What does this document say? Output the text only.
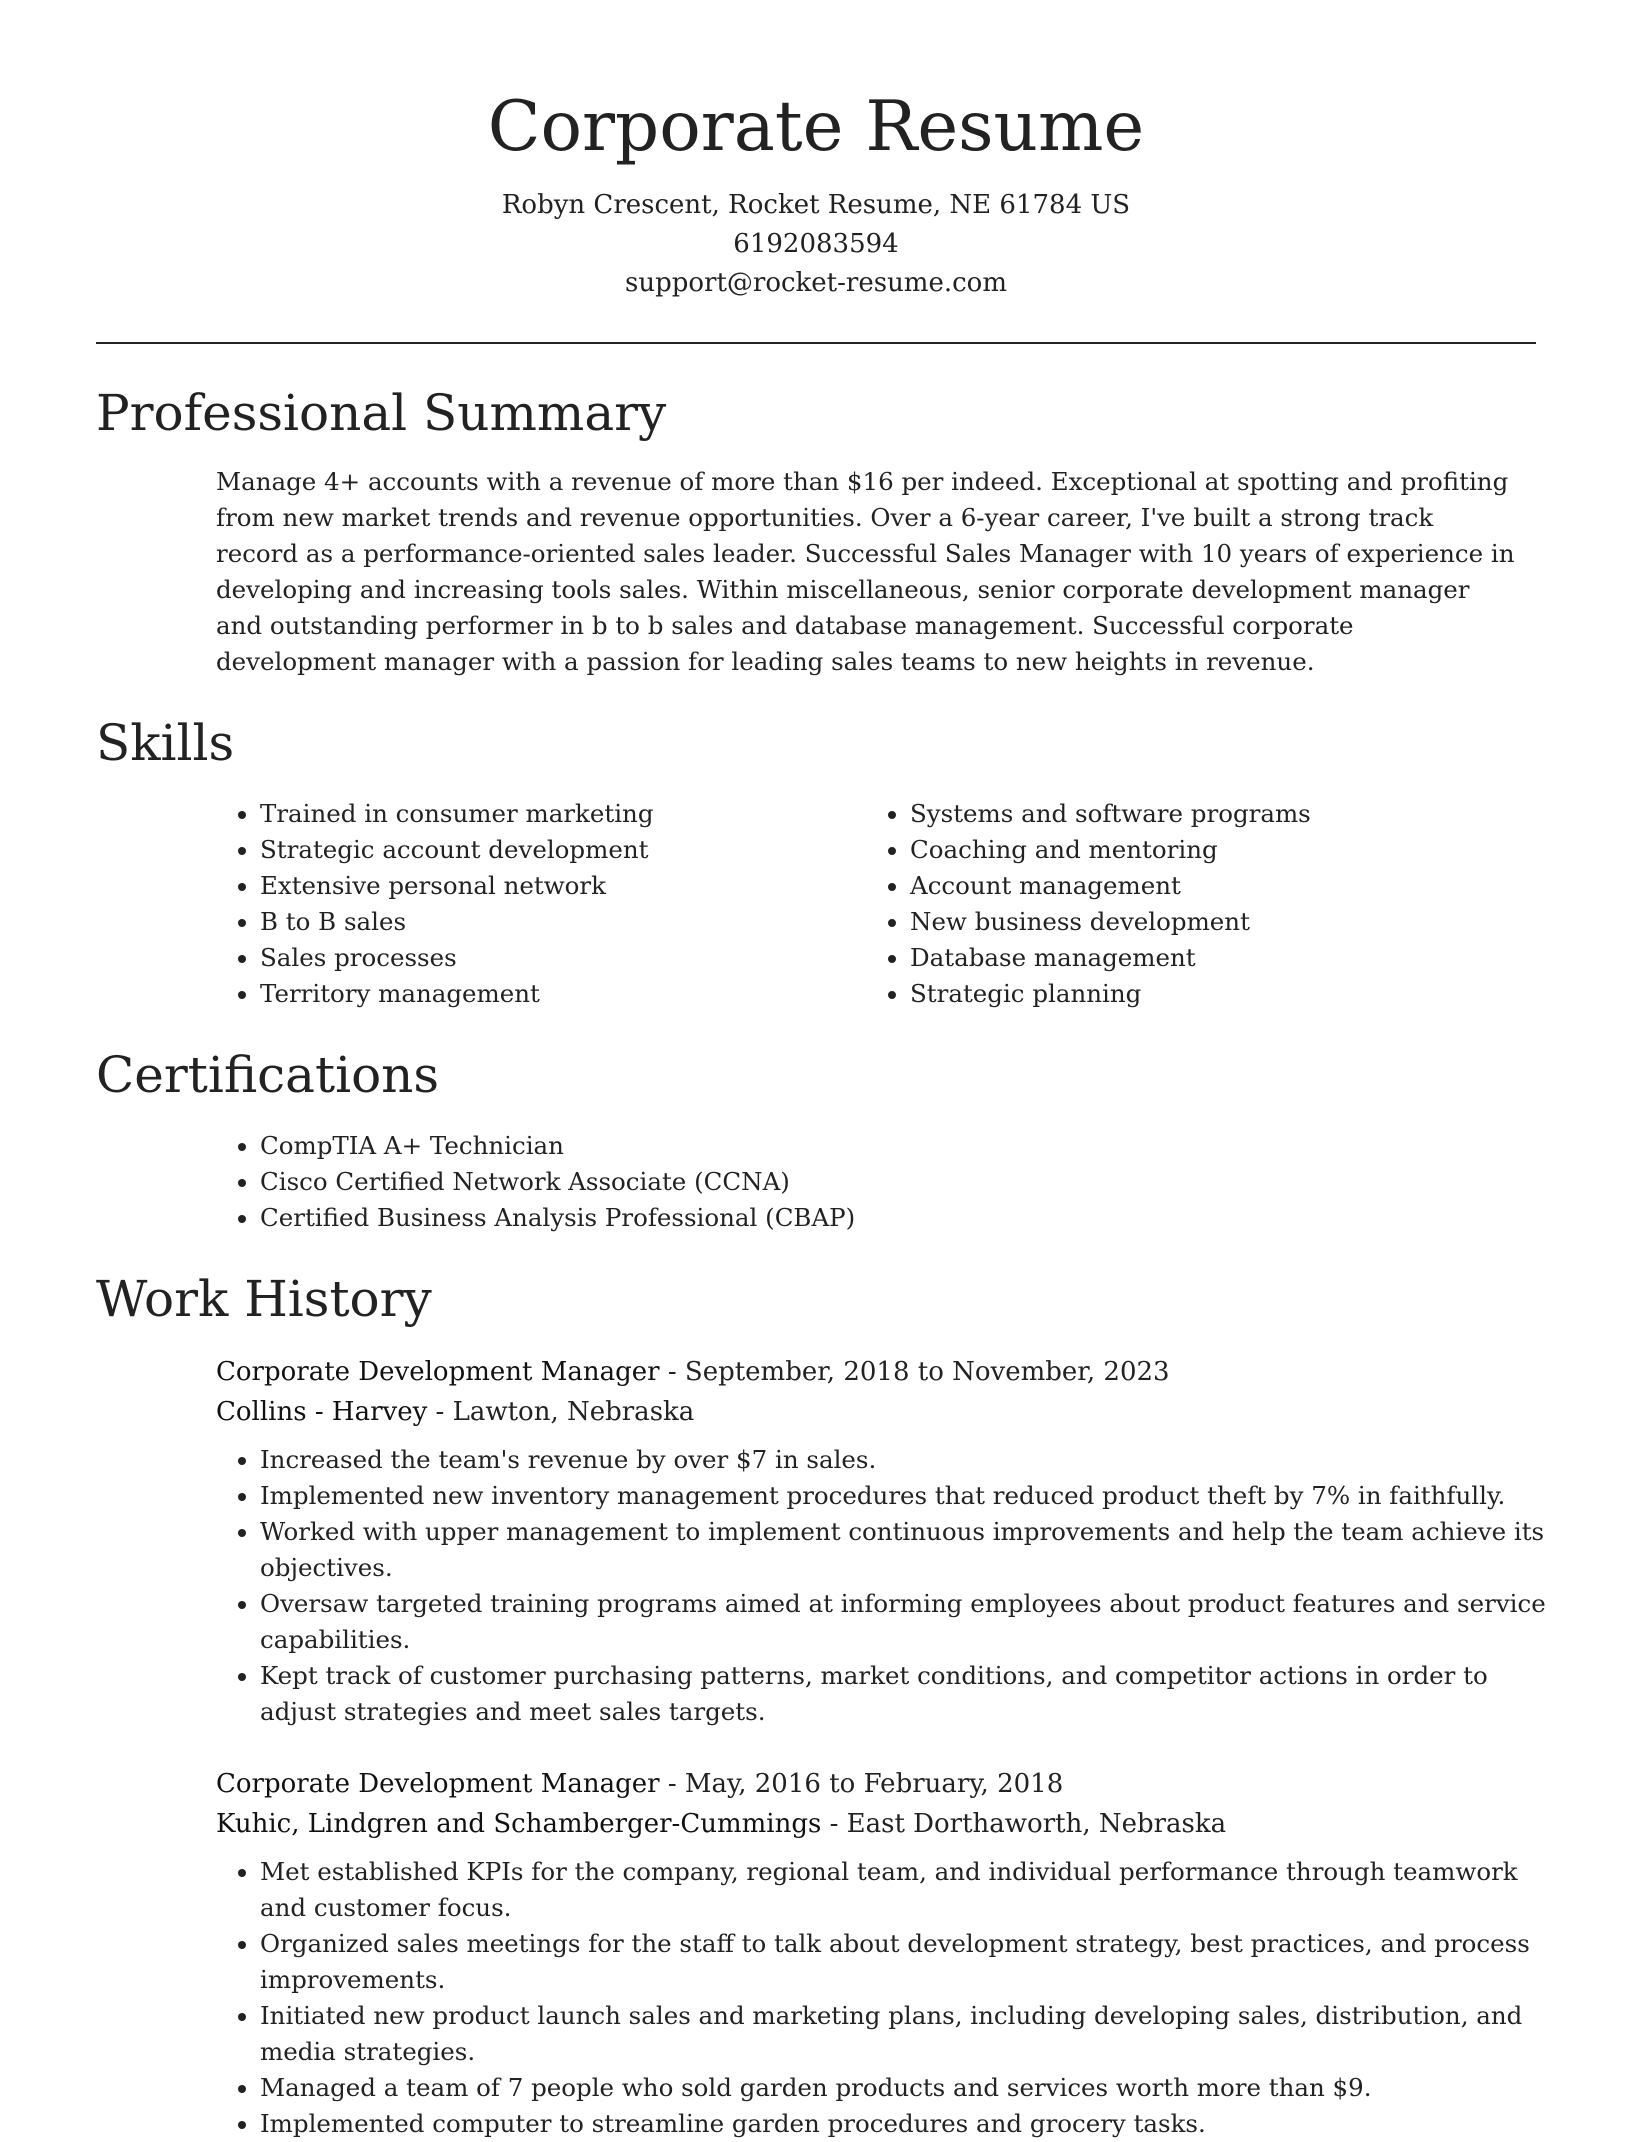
Corporate Resume
Robyn Crescent, Rocket Resume, NE 61784 US
6192083594
support@rocket-resume.com
Professional Summary
Manage 4+ accounts with a revenue of more than $16 per indeed. Exceptional at spotting and profiting from new market trends and revenue opportunities. Over a 6-year career, I've built a strong track record as a performance-oriented sales leader. Successful Sales Manager with 10 years of experience in developing and increasing tools sales. Within miscellaneous, senior corporate development manager and outstanding performer in b to b sales and database management. Successful corporate development manager with a passion for leading sales teams to new heights in revenue.
Skills
• Trained in consumer marketing
• Strategic account development
• Extensive personal network
• B to B sales
• Sales processes
• Territory management
• Systems and software programs
• Coaching and mentoring
• Account management
• New business development
• Database management
• Strategic planning
Certifications
• CompTIA A+ Technician
• Cisco Certified Network Associate (CCNA)
• Certified Business Analysis Professional (CBAP)
Work History
Corporate Development Manager - September, 2018 to November, 2023
Collins - Harvey - Lawton, Nebraska
• Increased the team's revenue by over $7 in sales.
• Implemented new inventory management procedures that reduced product theft by 7% in faithfully.
• Worked with upper management to implement continuous improvements and help the team achieve its objectives.
• Oversaw targeted training programs aimed at informing employees about product features and service capabilities.
• Kept track of customer purchasing patterns, market conditions, and competitor actions in order to adjust strategies and meet sales targets.
Corporate Development Manager - May, 2016 to February, 2018
Kuhic, Lindgren and Schamberger-Cummings - East Dorthaworth, Nebraska
• Met established KPIs for the company, regional team, and individual performance through teamwork and customer focus.
• Organized sales meetings for the staff to talk about development strategy, best practices, and process improvements.
• Initiated new product launch sales and marketing plans, including developing sales, distribution, and media strategies.
• Managed a team of 7 people who sold garden products and services worth more than $9.
• Implemented computer to streamline garden procedures and grocery tasks.
